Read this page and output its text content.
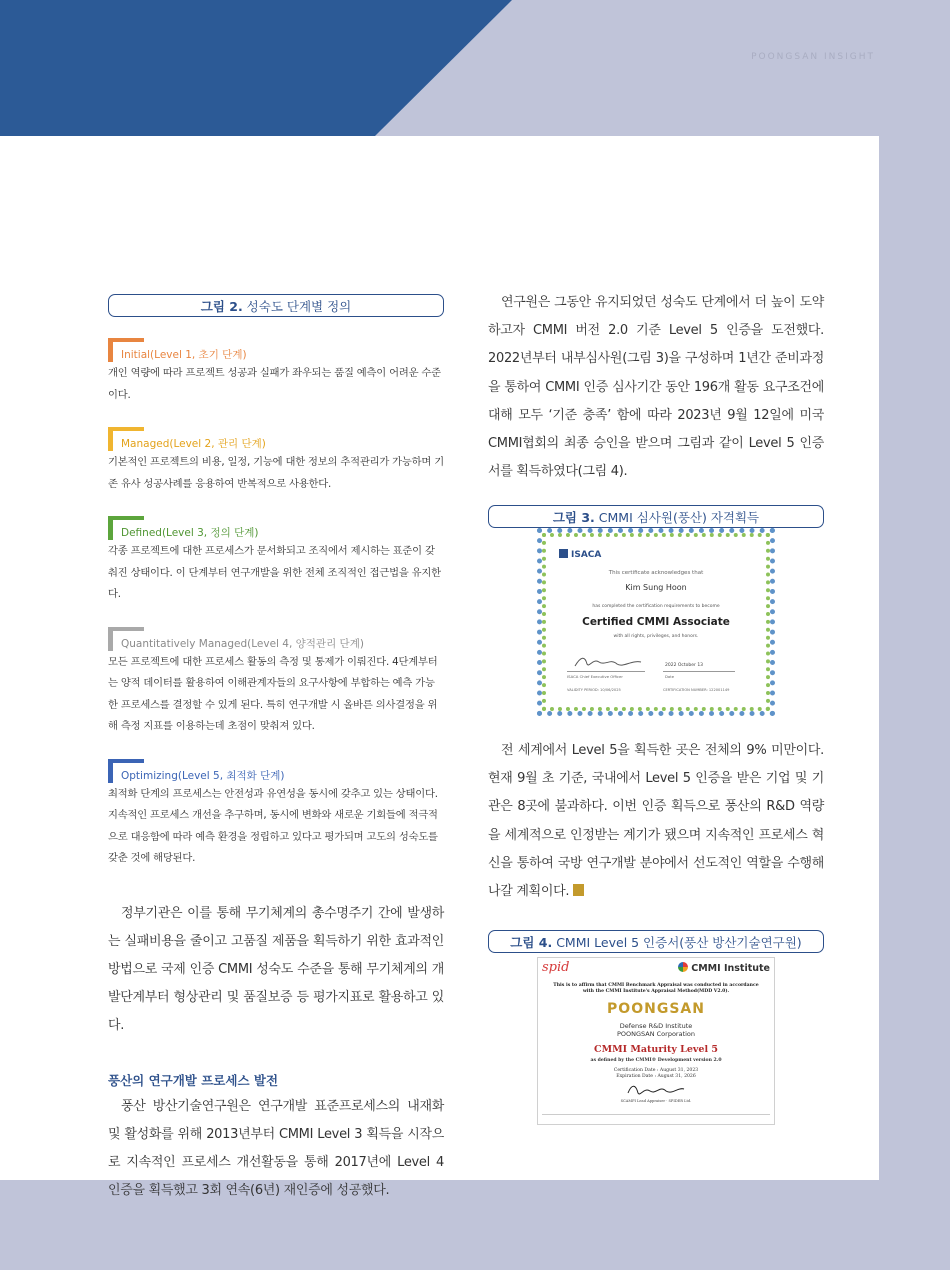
POONGSAN INSIGHT
그림 2. 성숙도 단계별 정의
Initial(Level 1, 초기 단계)
개인 역량에 따라 프로젝트 성공과 실패가 좌우되는 품질 예측이 어려운 수준이다.
Managed(Level 2, 관리 단계)
기본적인 프로젝트의 비용, 일정, 기능에 대한 정보의 추적관리가 가능하며 기존 유사 성공사례를 응용하여 반복적으로 사용한다.
Defined(Level 3, 정의 단계)
각종 프로젝트에 대한 프로세스가 문서화되고 조직에서 제시하는 표준이 갖춰진 상태이다. 이 단계부터 연구개발을 위한 전체 조직적인 접근법을 유지한다.
Quantitatively Managed(Level 4, 양적관리 단계)
모든 프로젝트에 대한 프로세스 활동의 측정 및 통제가 이뤄진다. 4단계부터는 양적 데이터를 활용하여 이해관계자들의 요구사항에 부합하는 예측 가능한 프로세스를 결정할 수 있게 된다. 특히 연구개발 시 올바른 의사결정을 위해 측정 지표를 이용하는데 초점이 맞춰져 있다.
Optimizing(Level 5, 최적화 단계)
최적화 단계의 프로세스는 안전성과 유연성을 동시에 갖추고 있는 상태이다. 지속적인 프로세스 개선을 추구하며, 동시에 변화와 새로운 기회들에 적극적으로 대응함에 따라 예측 환경을 정립하고 있다고 평가되며 고도의 성숙도를 갖춘 것에 해당된다.
정부기관은 이를 통해 무기체계의 총수명주기 간에 발생하는 실패비용을 줄이고 고품질 제품을 획득하기 위한 효과적인 방법으로 국제 인증 CMMI 성숙도 수준을 통해 무기체계의 개발단계부터 형상관리 및 품질보증 등 평가지표로 활용하고 있다.
풍산의 연구개발 프로세스 발전
풍산 방산기술연구원은 연구개발 표준프로세스의 내재화 및 활성화를 위해 2013년부터 CMMI Level 3 획득을 시작으로 지속적인 프로세스 개선활동을 통해 2017년에 Level 4 인증을 획득했고 3회 연속(6년) 재인증에 성공했다.
연구원은 그동안 유지되었던 성숙도 단계에서 더 높이 도약하고자 CMMI 버전 2.0 기준 Level 5 인증을 도전했다. 2022년부터 내부심사원(그림 3)을 구성하며 1년간 준비과정을 통하여 CMMI 인증 심사기간 동안 196개 활동 요구조건에 대해 모두 ‘기준 충족’ 함에 따라 2023년 9월 12일에 미국 CMMI협회의 최종 승인을 받으며 그림과 같이 Level 5 인증서를 획득하였다(그림 4).
그림 3. CMMI 심사원(풍산) 자격획득
ISACA
This certificate acknowledges that
Kim Sung Hoon
has completed the certification requirements to become
Certified CMMI Associate
with all rights, privileges, and honors.
ISACA Chief Executive Officer
2022 October 13
Date
VALIDITY PERIOD: 10/06/2025	CERTIFICATION NUMBER: 122001149
전 세계에서 Level 5을 획득한 곳은 전체의 9% 미만이다. 현재 9월 초 기준, 국내에서 Level 5 인증을 받은 기업 및 기관은 8곳에 불과하다. 이번 인증 획득으로 풍산의 R&D 역량을 세계적으로 인정받는 계기가 됐으며 지속적인 프로세스 혁신을 통하여 국방 연구개발 분야에서 선도적인 역할을 수행해 나갈 계획이다.
그림 4. CMMI Level 5 인증서(풍산 방산기술연구원)
spid	CMMI Institute
This is to affirm that CMMI Benchmark Appraisal was conducted in accordance
with the CMMI Institute's Appraisal Method(MDD V2.0).
POONGSAN
Defense R&D Institute
POONGSAN Corporation
CMMI Maturity Level 5
as defined by the CMMI® Development version 2.0
Certification Date : August 31, 2023
Expiration Date : August 31, 2026
SCAMPI Lead Appraiser · SPIDER Ltd.
